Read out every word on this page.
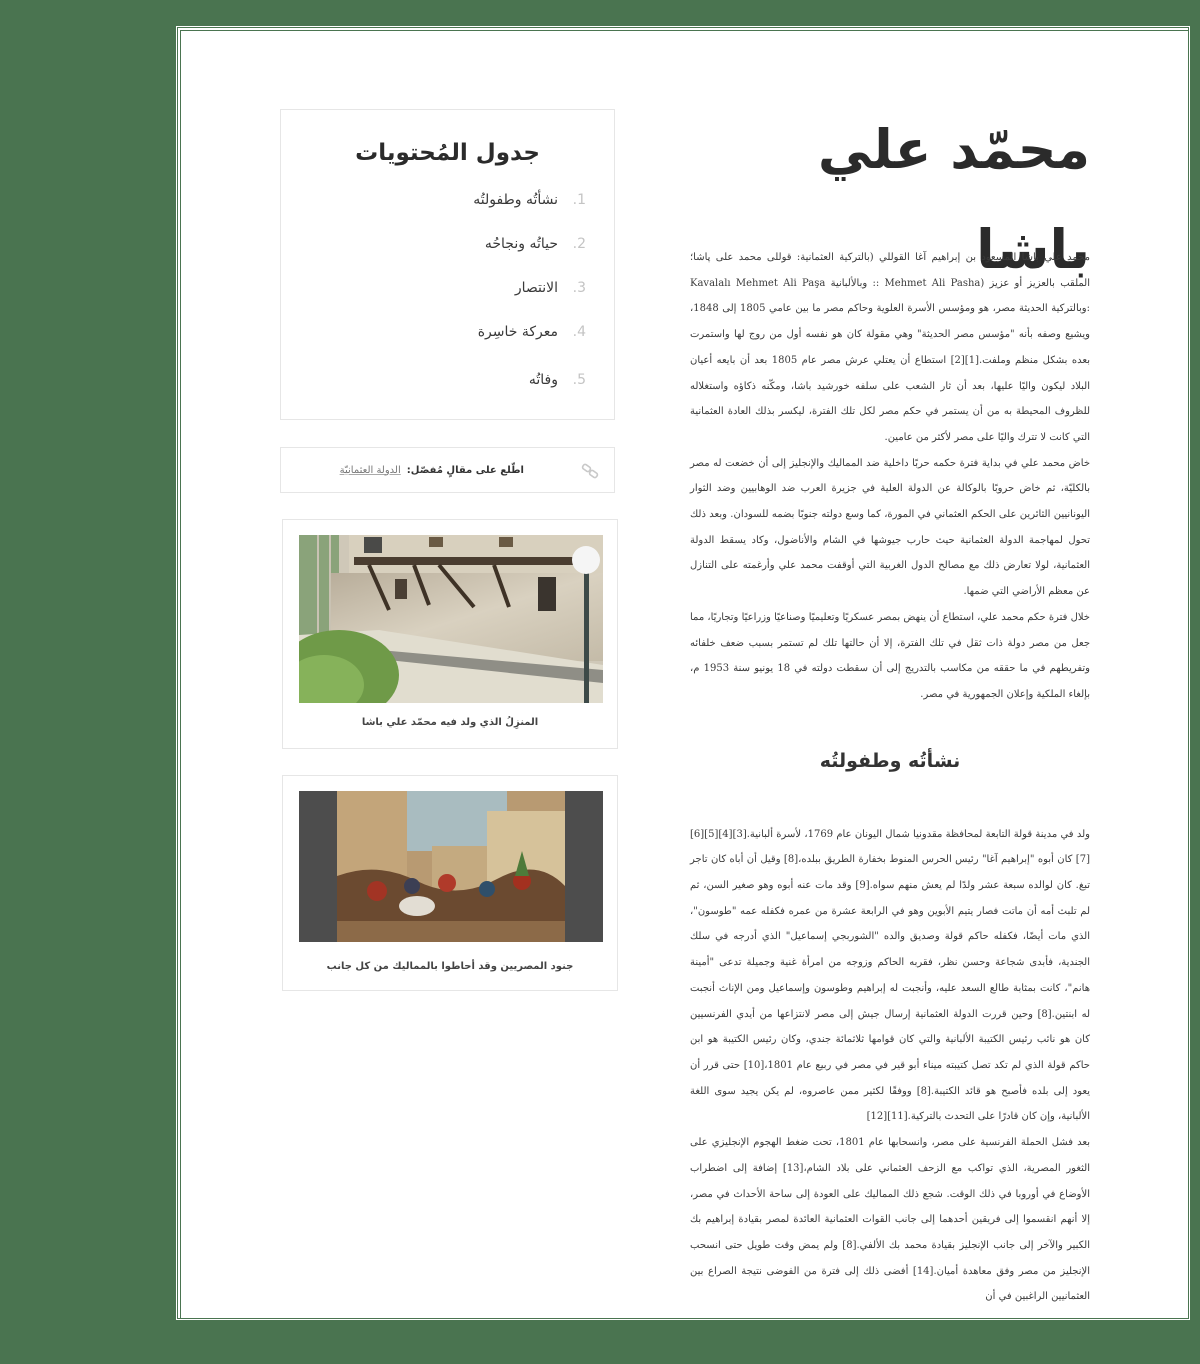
محمّد علي باشا

محمد علي باشا المسعود بن إبراهيم آغا القوللي (بالتركية العثمانية: قوللى محمد على پاشا؛ الملقب بالعزيز أو عزيز (Mehmet Ali Pasha :: وبالألبانية Kavalalı Mehmet Ali Paşa :وبالتركية الحديثة مصر، هو ومؤسس الأسرة العلوية وحاكم مصر ما بين عامي 1805 إلى 1848، ويشيع وصفه بأنه "مؤسس مصر الحديثة" وهي مقولة كان هو نفسه أول من روج لها واستمرت بعده بشكل منظم وملفت.[1][2] استطاع أن يعتلي عرش مصر عام 1805 بعد أن بايعه أعيان البلاد ليكون واليًا عليها، بعد أن ثار الشعب على سلفه خورشيد باشا، ومكّنه ذكاؤه واستغلاله للظروف المحيطة به من أن يستمر في حكم مصر لكل تلك الفترة، ليكسر بذلك العادة العثمانية التي كانت لا تترك واليًا على مصر لأكثر من عامين.

خاض محمد علي في بداية فترة حكمه حربًا داخلية ضد المماليك والإنجليز إلى أن خضعت له مصر بالكليّة، ثم خاض حروبًا بالوكالة عن الدولة العلية في جزيرة العرب ضد الوهابيين وضد الثوار اليونانيين الثائرين على الحكم العثماني في المورة، كما وسع دولته جنوبًا بضمه للسودان. وبعد ذلك تحول لمهاجمة الدولة العثمانية حيث حارب جيوشها في الشام والأناضول، وكاد يسقط الدولة العثمانية، لولا تعارض ذلك مع مصالح الدول الغربية التي أوقفت محمد علي وأرغمته على التنازل عن معظم الأراضي التي ضمها.

خلال فترة حكم محمد علي، استطاع أن ينهض بمصر عسكريًا وتعليميًا وصناعيًا وزراعيًا وتجاريًا، مما جعل من مصر دولة ذات ثقل في تلك الفترة، إلا أن حالتها تلك لم تستمر بسبب ضعف خلفائه وتفريطهم في ما حققه من مكاسب بالتدريج إلى أن سقطت دولته في 18 يونيو سنة 1953 م، بإلغاء الملكية وإعلان الجمهورية في مصر.

نشأتُه وطفولتُه

ولد في مدينة قولة التابعة لمحافظة مقدونيا شمال اليونان عام 1769، لأسرة ألبانية.[3][4][5][6][7] كان أبوه "إبراهيم آغا" رئيس الحرس المنوط بخفارة الطريق ببلده،[8] وقيل أن أباه كان تاجر تبغ. كان لوالده سبعة عشر ولدًا لم يعش منهم سواه.[9] وقد مات عنه أبوه وهو صغير السن، ثم لم تلبث أمه أن ماتت فصار يتيم الأبوين وهو في الرابعة عشرة من عمره فكفله عمه "طوسون"، الذي مات أيضًا، فكفله حاكم قولة وصديق والده "الشوربجي إسماعيل" الذي أدرجه في سلك الجندية، فأبدى شجاعة وحسن نظر، فقربه الحاكم وزوجه من امرأة غنية وجميلة تدعى "أمينة هانم"، كانت بمثابة طالع السعد عليه، وأنجبت له إبراهيم وطوسون وإسماعيل ومن الإناث أنجبت له ابنتين.[8] وحين قررت الدولة العثمانية إرسال جيش إلى مصر لانتزاعها من أيدي الفرنسيين كان هو نائب رئيس الكتيبة الألبانية والتي كان قوامها ثلاثمائة جندي، وكان رئيس الكتيبة هو ابن حاكم قولة الذي لم تكد تصل كتيبته ميناء أبو قير في مصر في ربيع عام 1801،[10] حتى قرر أن يعود إلى بلده فأصبح هو قائد الكتيبة.[8] ووفقًا لكثير ممن عاصروه، لم يكن يجيد سوى اللغة الألبانية، وإن كان قادرًا على التحدث بالتركية.[11][12]

بعد فشل الحملة الفرنسية على مصر، وانسحابها عام 1801، تحت ضغط الهجوم الإنجليزي على الثغور المصرية، الذي تواكب مع الزحف العثماني على بلاد الشام،[13] إضافة إلى اضطراب الأوضاع في أوروبا في ذلك الوقت. شجع ذلك المماليك على العودة إلى ساحة الأحداث في مصر، إلا أنهم انقسموا إلى فريقين أحدهما إلى جانب القوات العثمانية العائدة لمصر بقيادة إبراهيم بك الكبير والآخر إلى جانب الإنجليز بقيادة محمد بك الألفي.[8] ولم يمض وقت طويل حتى انسحب الإنجليز من مصر وفق معاهدة أميان.[14] أفضى ذلك إلى فترة من الفوضى نتيجة الصراع بين العثمانيين الراغبين في أن

جدول المُحتويات
1.
نشأتُه وطفولتُه
2.
حياتُه ونجاحُه
3.
الانتصار
4.
معركة خاسِرة
5.
وفاتُه
اطّلع على مقالٍ مُفصّل:
الدولة العثمانيّة
المنزِلُ الذي ولد فيه محمّد علي باشا
جنود المصريين وقد أحاطوا بالمماليك من كل جانب
